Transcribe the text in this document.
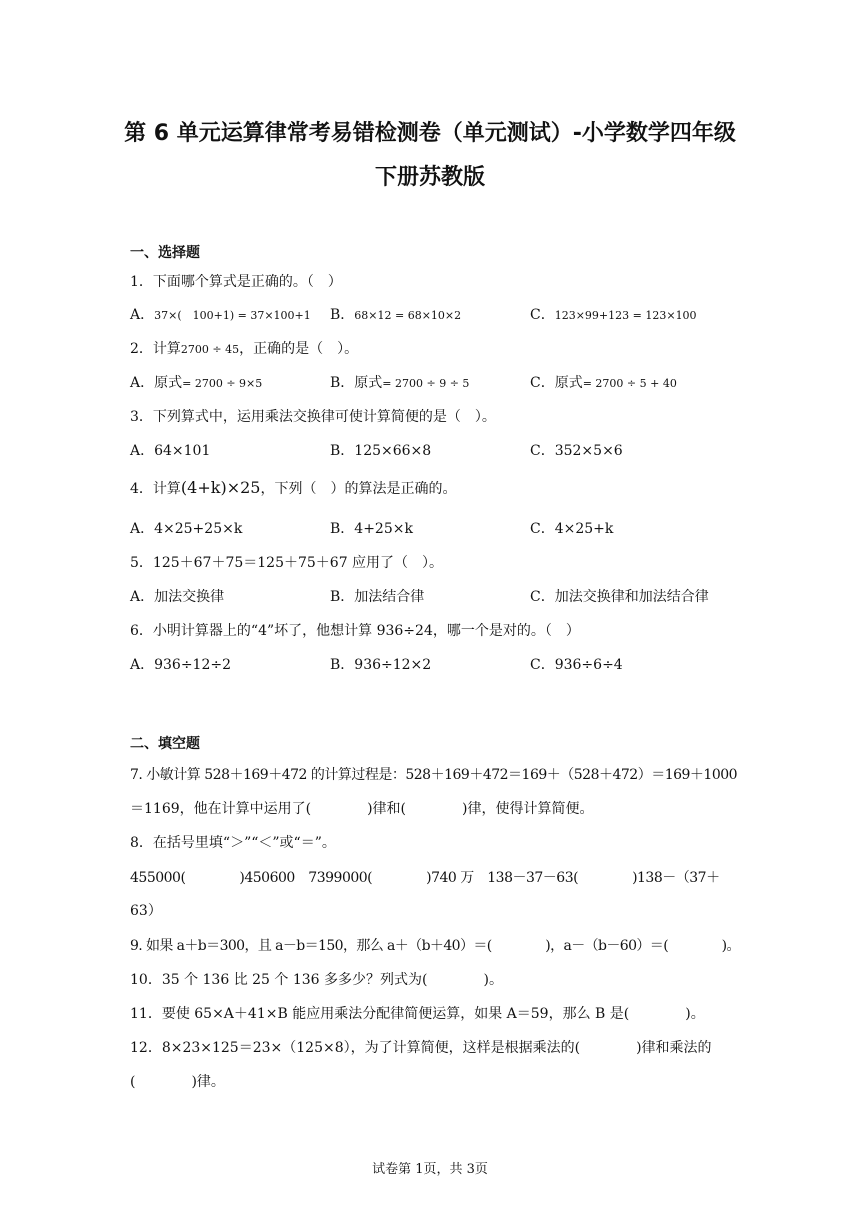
第 6 单元运算律常考易错检测卷（单元测试）-小学数学四年级
下册苏教版
一、选择题
1．下面哪个算式是正确的。（　）
A．37×(　100+1) = 37×100+1 B．68×12 = 68×10×2	C．123×99+123 = 123×100
2．计算2700 ÷ 45，正确的是（　）。
A．原式= 2700 ÷ 9×5	B．原式= 2700 ÷ 9 ÷ 5	C．原式= 2700 ÷ 5 + 40
3．下列算式中，运用乘法交换律可使计算简便的是（　）。
A．64×101	B．125×66×8	C．352×5×6
4．计算(4+k)×25，下列（　）的算法是正确的。
A．4×25+25×k	B．4+25×k	C．4×25+k
5．125＋67＋75＝125＋75＋67 应用了（　）。
A．加法交换律	B．加法结合律	C．加法交换律和加法结合律
6．小明计算器上的“4”坏了，他想计算 936÷24，哪一个是对的。（　）
A．936÷12÷2	B．936÷12×2	C．936÷6÷4
二、填空题
7. 小敏计算 528＋169＋472 的计算过程是：528＋169＋472＝169＋（528＋472）＝169＋1000
＝1169，他在计算中运用了(　　　　)律和(　　　　)律，使得计算简便。
8．在括号里填“＞”“＜”或“＝”。
455000(　　　　)450600　7399000(　　　　)740 万　138－37－63(　　　　)138－（37＋
63）
9. 如果 a＋b＝300，且 a－b＝150，那么 a＋（b＋40）＝(　　　　)，a－（b－60）＝(　　　　)。
10．35 个 136 比 25 个 136 多多少？列式为(　　　　)。
11．要使 65×A＋41×B 能应用乘法分配律简便运算，如果 A＝59，那么 B 是(　　　　)。
12．8×23×125＝23×（125×8），为了计算简便，这样是根据乘法的(　　　　)律和乘法的
(　　　　)律。
试卷第 1页，共 3页
